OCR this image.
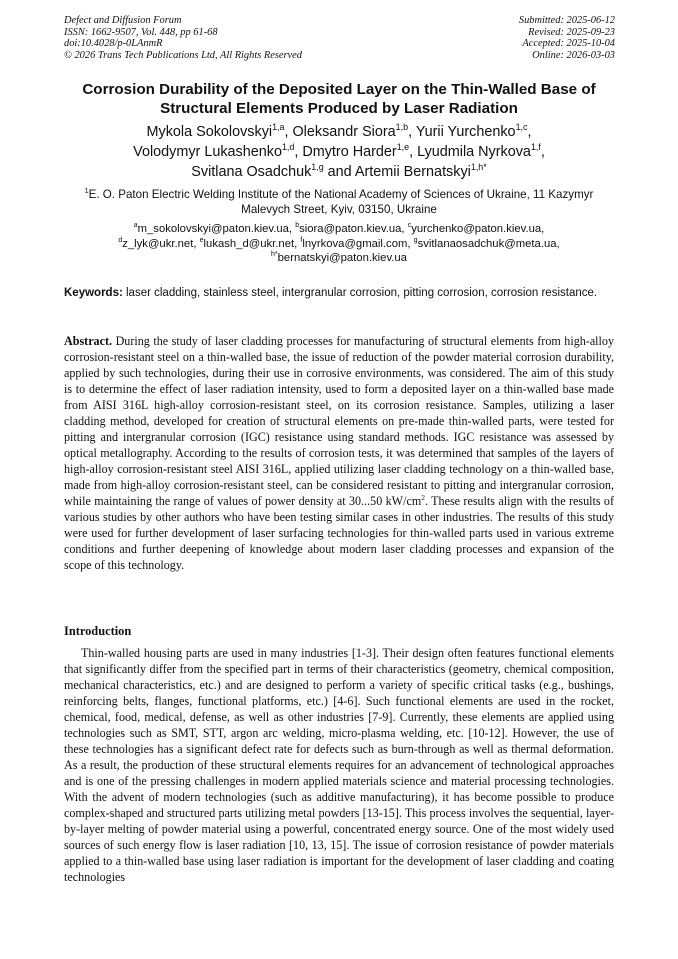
Defect and Diffusion Forum
ISSN: 1662-9507, Vol. 448, pp 61-68
doi:10.4028/p-0LAnmR
© 2026 Trans Tech Publications Ltd, All Rights Reserved
Submitted: 2025-06-12
Revised: 2025-09-23
Accepted: 2025-10-04
Online: 2026-03-03
Corrosion Durability of the Deposited Layer on the Thin-Walled Base of Structural Elements Produced by Laser Radiation
Mykola Sokolovskyi$^{1,a}$, Oleksandr Siora$^{1,b}$, Yurii Yurchenko$^{1,c}$,
Volodymyr Lukashenko$^{1,d}$, Dmytro Harder$^{1,e}$, Lyudmila Nyrkova$^{1,f}$,
Svitlana Osadchuk$^{1,g}$ and Artemii Bernatskyi$^{1,h*}$
$^1$E. O. Paton Electric Welding Institute of the National Academy of Sciences of Ukraine, 11 Kazymyr Malevych Street, Kyiv, 03150, Ukraine
$^a$m_sokolovskyi@paton.kiev.ua, $^b$siora@paton.kiev.ua, $^c$yurchenko@paton.kiev.ua,
$^d$z_lyk@ukr.net, $^e$lukash_d@ukr.net, $^f$lnyrkova@gmail.com, $^g$svitlanaosadchuk@meta.ua,
$^{h*}$bernatskyi@paton.kiev.ua
Keywords: laser cladding, stainless steel, intergranular corrosion, pitting corrosion, corrosion resistance.
Abstract. During the study of laser cladding processes for manufacturing of structural elements from high-alloy corrosion-resistant steel on a thin-walled base, the issue of reduction of the powder material corrosion durability, applied by such technologies, during their use in corrosive environments, was considered. The aim of this study is to determine the effect of laser radiation intensity, used to form a deposited layer on a thin-walled base made from AISI 316L high-alloy corrosion-resistant steel, on its corrosion resistance. Samples, utilizing a laser cladding method, developed for creation of structural elements on pre-made thin-walled parts, were tested for pitting and intergranular corrosion (IGC) resistance using standard methods. IGC resistance was assessed by optical metallography. According to the results of corrosion tests, it was determined that samples of the layers of high-alloy corrosion-resistant steel AISI 316L, applied utilizing laser cladding technology on a thin-walled base, made from high-alloy corrosion-resistant steel, can be considered resistant to pitting and intergranular corrosion, while maintaining the range of values of power density at 30...50 $kW/cm^2$. These results align with the results of various studies by other authors who have been testing similar cases in other industries. The results of this study were used for further development of laser surfacing technologies for thin-walled parts used in various extreme conditions and further deepening of knowledge about modern laser cladding processes and expansion of the scope of this technology.
Introduction
Thin-walled housing parts are used in many industries [1-3]. Their design often features functional elements that significantly differ from the specified part in terms of their characteristics (geometry, chemical composition, mechanical characteristics, etc.) and are designed to perform a variety of specific critical tasks (e.g., bushings, reinforcing belts, flanges, functional platforms, etc.) [4-6]. Such functional elements are used in the rocket, chemical, food, medical, defense, as well as other industries [7-9]. Currently, these elements are applied using technologies such as SMT, STT, argon arc welding, micro-plasma welding, etc. [10-12]. However, the use of these technologies has a significant defect rate for defects such as burn-through as well as thermal deformation. As a result, the production of these structural elements requires for an advancement of technological approaches and is one of the pressing challenges in modern applied materials science and material processing technologies. With the advent of modern technologies (such as additive manufacturing), it has become possible to produce complex-shaped and structured parts utilizing metal powders [13-15]. This process involves the sequential, layer-by-layer melting of powder material using a powerful, concentrated energy source. One of the most widely used sources of such energy flow is laser radiation [10, 13, 15]. The issue of corrosion resistance of powder materials applied to a thin-walled base using laser radiation is important for the development of laser cladding and coating technologies
